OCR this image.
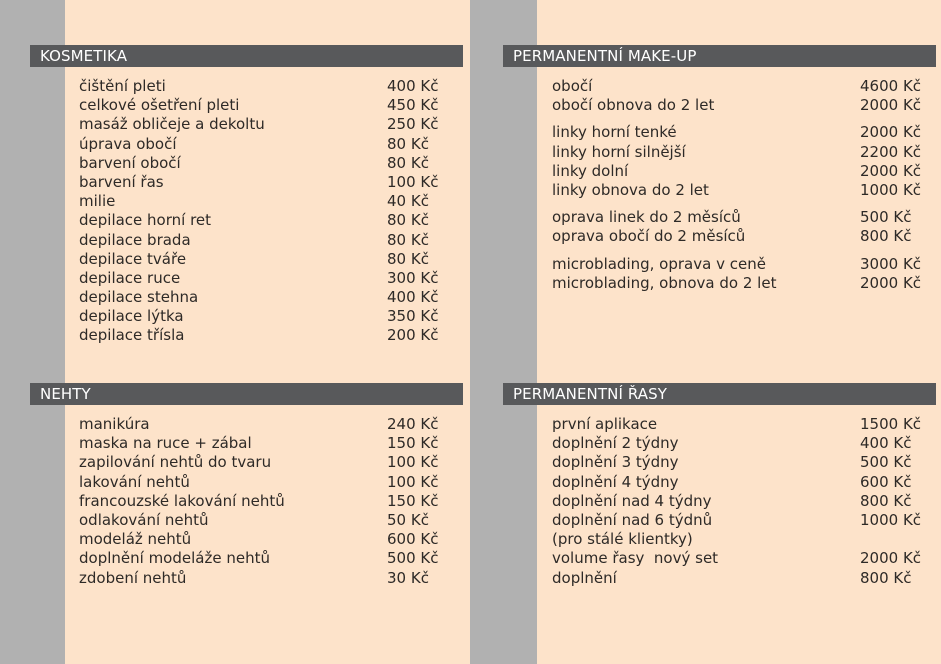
KOSMETIKA
čištění pleti	400 Kč
celkové ošetření pleti	450 Kč
masáž obličeje a dekoltu	250 Kč
úprava obočí	80 Kč
barvení obočí	80 Kč
barvení řas	100 Kč
milie	40 Kč
depilace horní ret	80 Kč
depilace brada	80 Kč
depilace tváře	80 Kč
depilace ruce	300 Kč
depilace stehna	400 Kč
depilace lýtka	350 Kč
depilace třísla	200 Kč
NEHTY
manikúra	240 Kč
maska na ruce + zábal	150 Kč
zapilování nehtů do tvaru	100 Kč
lakování nehtů	100 Kč
francouzské lakování nehtů	150 Kč
odlakování nehtů	50 Kč
modeláž nehtů	600 Kč
doplnění modeláže nehtů	500 Kč
zdobení nehtů	30 Kč
PERMANENTNÍ MAKE-UP
obočí	4600 Kč
obočí obnova do 2 let	2000 Kč
linky horní tenké	2000 Kč
linky horní silnější	2200 Kč
linky dolní	2000 Kč
linky obnova do 2 let	1000 Kč
oprava linek do 2 měsíců	500 Kč
oprava obočí do 2 měsíců	800 Kč
microblading, oprava v ceně	3000 Kč
microblading, obnova do 2 let	2000 Kč
PERMANENTNÍ ŘASY
první aplikace	1500 Kč
doplnění 2 týdny	400 Kč
doplnění 3 týdny	500 Kč
doplnění 4 týdny	600 Kč
doplnění nad 4 týdny	800 Kč
doplnění nad 6 týdnů	1000 Kč
(pro stálé klientky)
volume řasy  nový set	2000 Kč
doplnění	800 Kč
